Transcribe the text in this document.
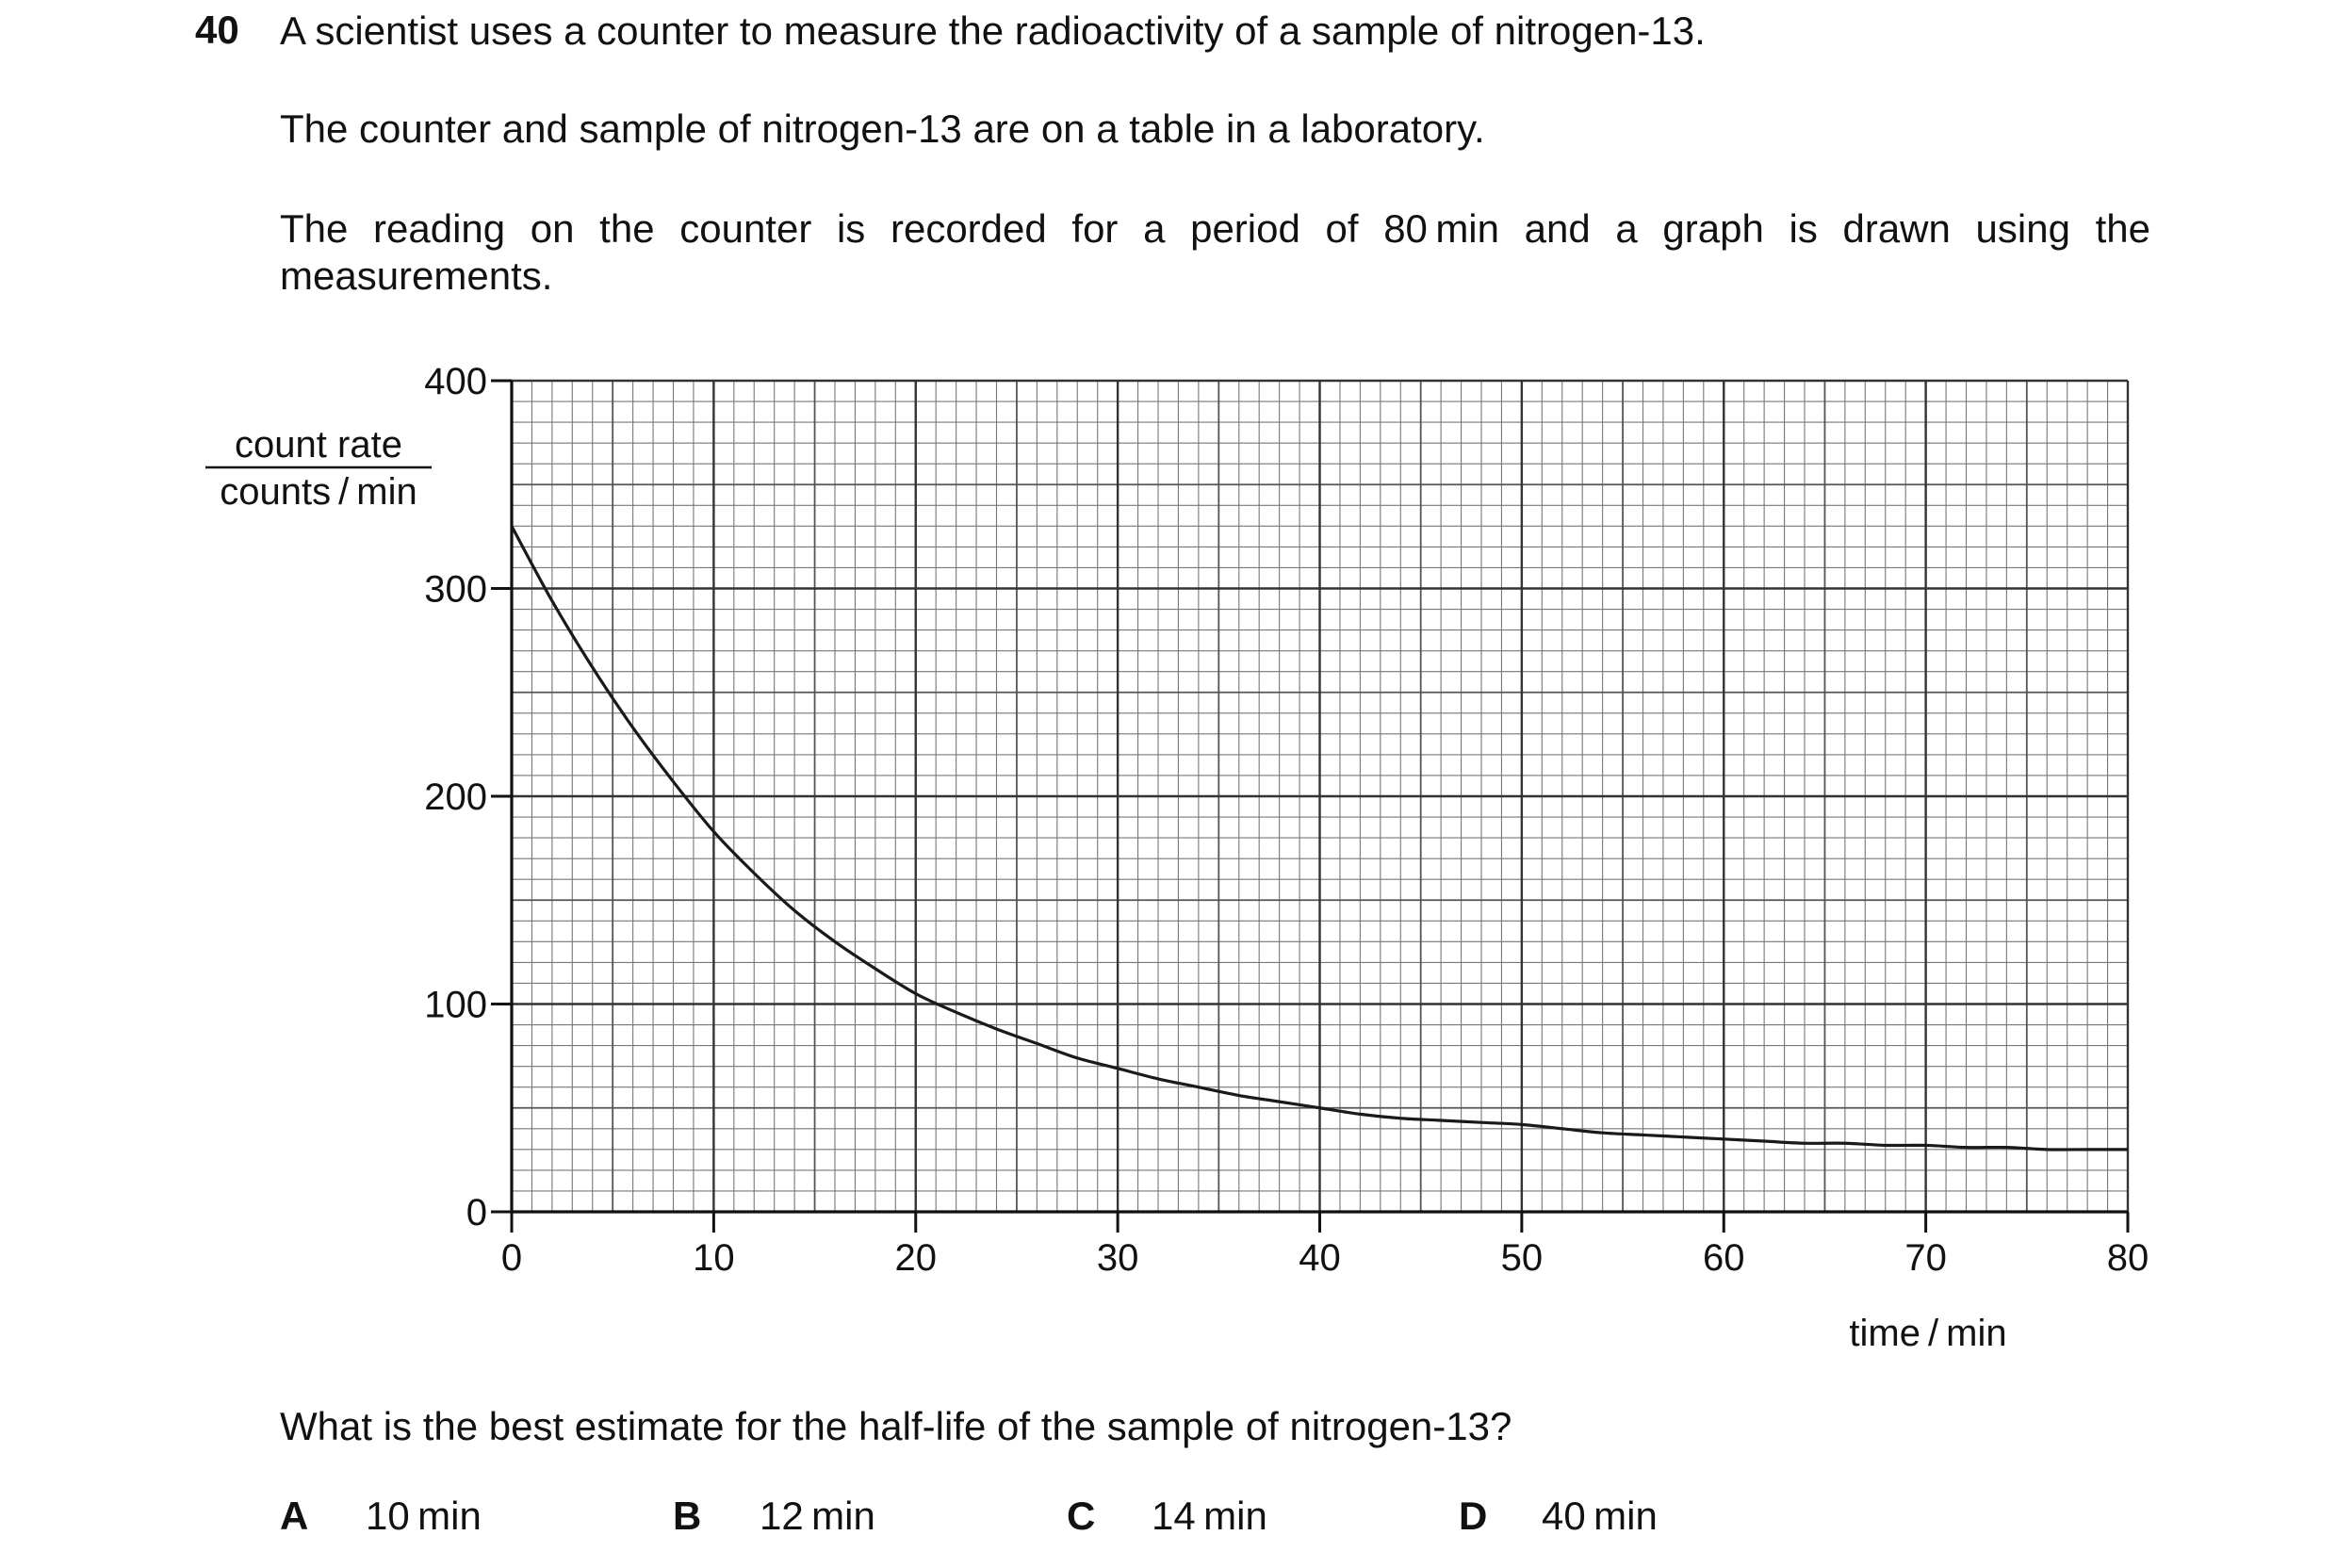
40 A scientist uses a counter to measure the radioactivity of a sample of nitrogen-13.
The counter and sample of nitrogen-13 are on a table in a laboratory.
The reading on the counter is recorded for a period of 80 min and a graph is drawn using the measurements.
0
100
200
300
400
0	10	20	30	40	50	60	70	80
count rate
counts / min
time / min
What is the best estimate for the half-life of the sample of nitrogen-13?
A 10 min	B 12 min	C 14 min	D 40 min
